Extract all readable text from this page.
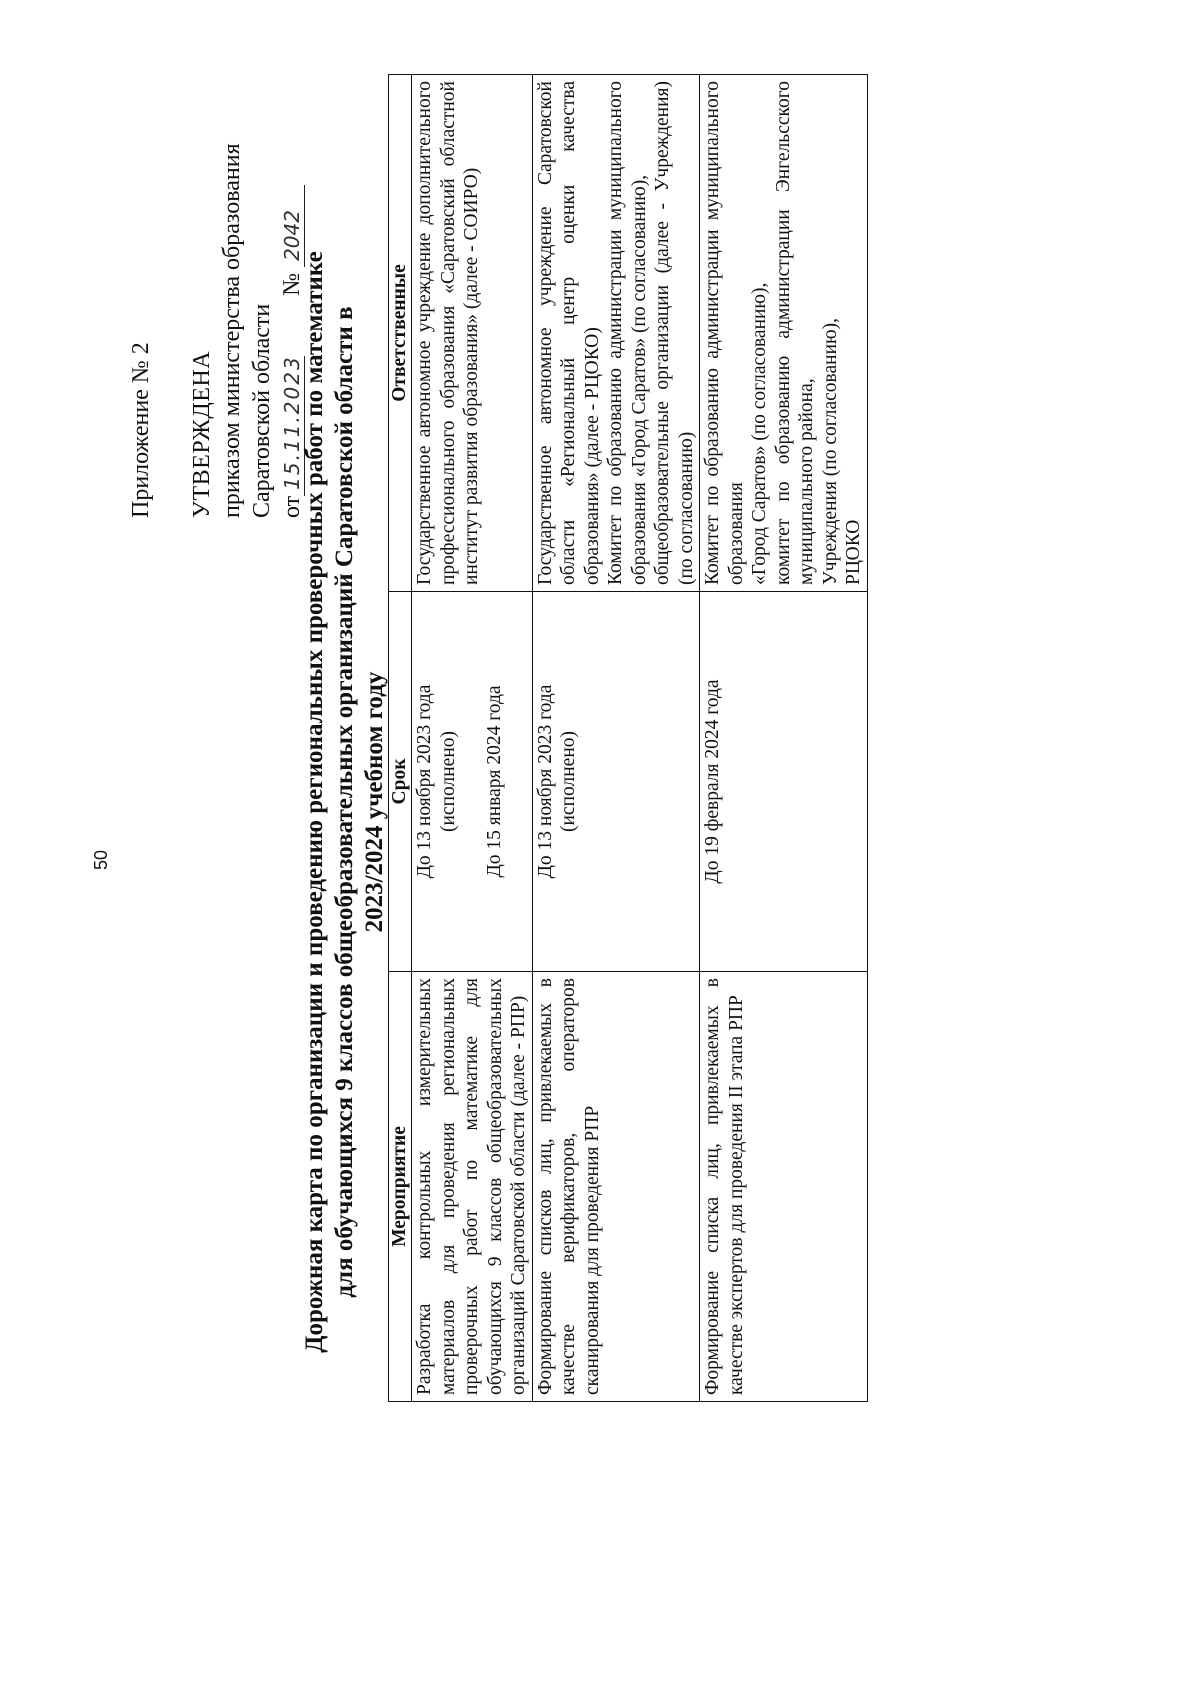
50
Приложение № 2 УТВЕРЖДЕНА приказом министерства образования Саратовской области от15.11.2023          № 2042
Дорожная карта по организации и проведению региональных проверочных работ по математике для обучающихся 9 классов общеобразовательных организаций Саратовской области в 2023/2024 учебном году
Мероприятие	Срок	Ответственные
Разработка контрольных измерительных материалов для проведения региональных проверочных работ по математике для обучающихся 9 классов общеобразовательных организаций Саратовской области (далее - РПР)	До 13 ноября 2023 года (исполнено) До 15 января 2024 года	Государственное автономное учреждение дополнительного профессионального образования «Саратовский областной институт развития образования» (далее - СОИРО)

Формирование списков лиц, привлекаемых в качестве верификаторов, операторов сканирования для проведения РПР	До 13 ноября 2023 года (исполнено)	Государственное автономное учреждение Саратовской области «Региональный центр оценки качества образования» (далее - РЦОКО) Комитет по образованию администрации муниципального образования «Город Саратов» (по согласованию), общеобразовательные организации (далее - Учреждения) (по согласованию)

Формирование списка лиц, привлекаемых в качестве экспертов для проведения II этапа РПР	До 19 февраля 2024 года	Комитет по образованию администрации муниципального образования «Город Саратов» (по согласованию), комитет по образованию администрации Энгельсского муниципального района, Учреждения (по согласованию), РЦОКО
